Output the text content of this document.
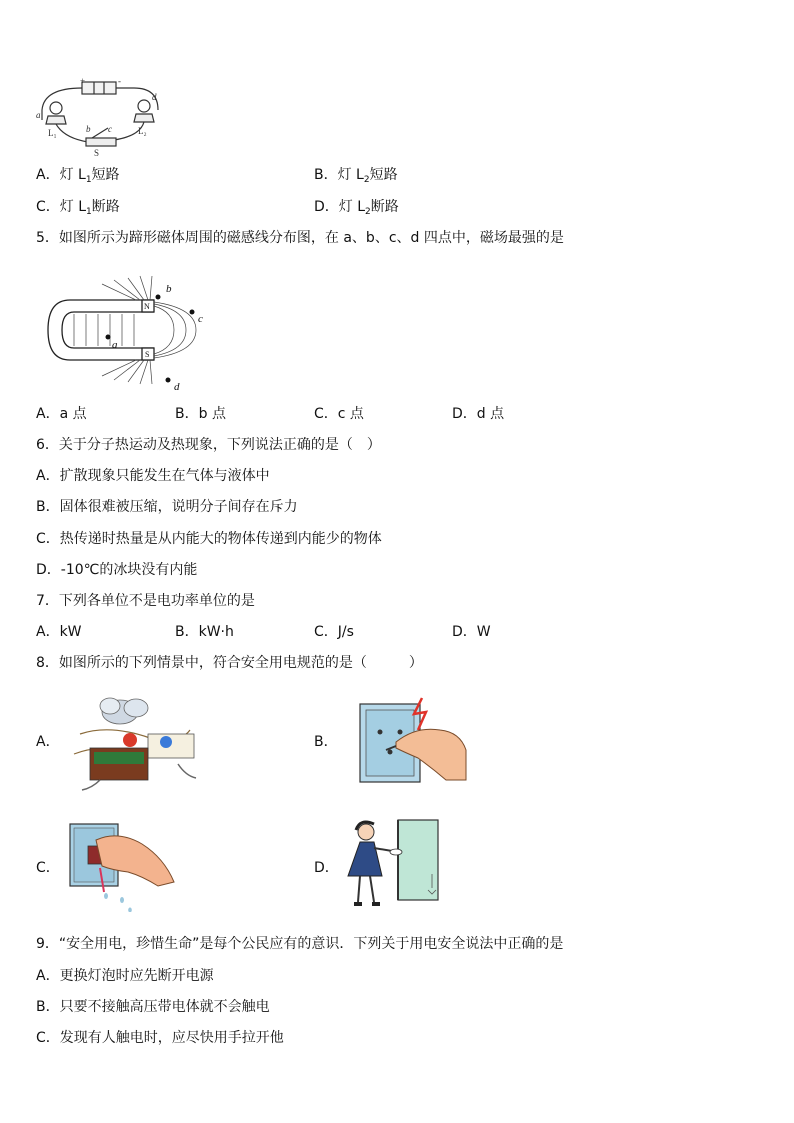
+	-
a
d
b c
L₁	L₂
S
A．灯 $L_1$短路	B．灯 $L_2$短路
C．灯 $L_1$断路	D．灯 $L_2$断路
5．如图所示为蹄形磁体周围的磁感线分布图，在 a、b、c、d 四点中，磁场最强的是
N
S
a
b
c
d
A．a 点	B．b 点	C．c 点	D．d 点
6．关于分子热运动及热现象，下列说法正确的是（　）
A．扩散现象只能发生在气体与液体中
B．固体很难被压缩，说明分子间存在斥力
C．热传递时热量是从内能大的物体传递到内能少的物体
D．-10℃的冰块没有内能
7．下列各单位不是电功率单位的是
A．kW	B．kW·h	C．J/s	D．W
8．如图所示的下列情景中，符合安全用电规范的是（　　　）
A．	B．
C．	D．
9．“安全用电，珍惜生命”是每个公民应有的意识．下列关于用电安全说法中正确的是
A．更换灯泡时应先断开电源
B．只要不接触高压带电体就不会触电
C．发现有人触电时，应尽快用手拉开他
